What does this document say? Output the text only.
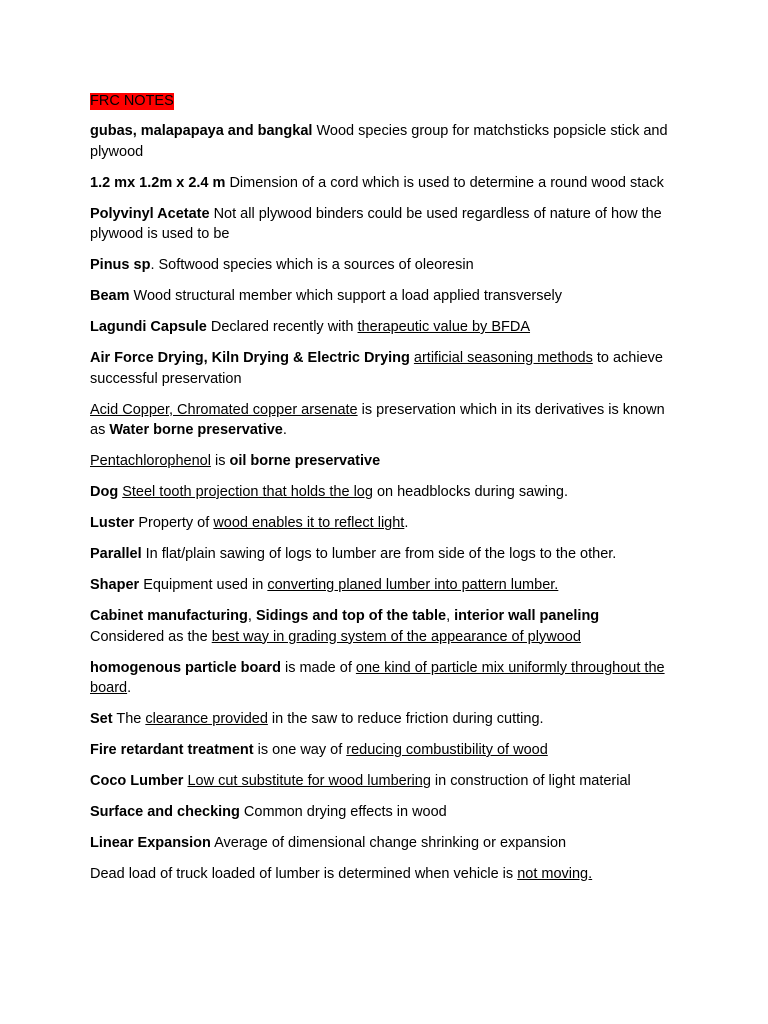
FRC NOTES
gubas, malapapaya and bangkal Wood species group for matchsticks popsicle stick and plywood
1.2 mx 1.2m x 2.4 m Dimension of a cord which is used to determine a round wood stack
Polyvinyl Acetate Not all plywood binders could be used regardless of nature of how the plywood is used to be
Pinus sp. Softwood species which is a sources of oleoresin
Beam Wood structural member which support a load applied transversely
Lagundi Capsule Declared recently with therapeutic value by BFDA
Air Force Drying, Kiln Drying & Electric Drying artificial seasoning methods to achieve successful preservation
Acid Copper, Chromated copper arsenate is preservation which in its derivatives is known as Water borne preservative.
Pentachlorophenol is oil borne preservative
Dog Steel tooth projection that holds the log on headblocks during sawing.
Luster Property of wood enables it to reflect light.
Parallel In flat/plain sawing of logs to lumber are from side of the logs to the other.
Shaper Equipment used in converting planed lumber into pattern lumber.
Cabinet manufacturing, Sidings and top of the table, interior wall paneling Considered as the best way in grading system of the appearance of plywood
homogenous particle board is made of one kind of particle mix uniformly throughout the board.
Set The clearance provided in the saw to reduce friction during cutting.
Fire retardant treatment is one way of reducing combustibility of wood
Coco Lumber Low cut substitute for wood lumbering in construction of light material
Surface and checking Common drying effects in wood
Linear Expansion Average of dimensional change shrinking or expansion
Dead load of truck loaded of lumber is determined when vehicle is not moving.
